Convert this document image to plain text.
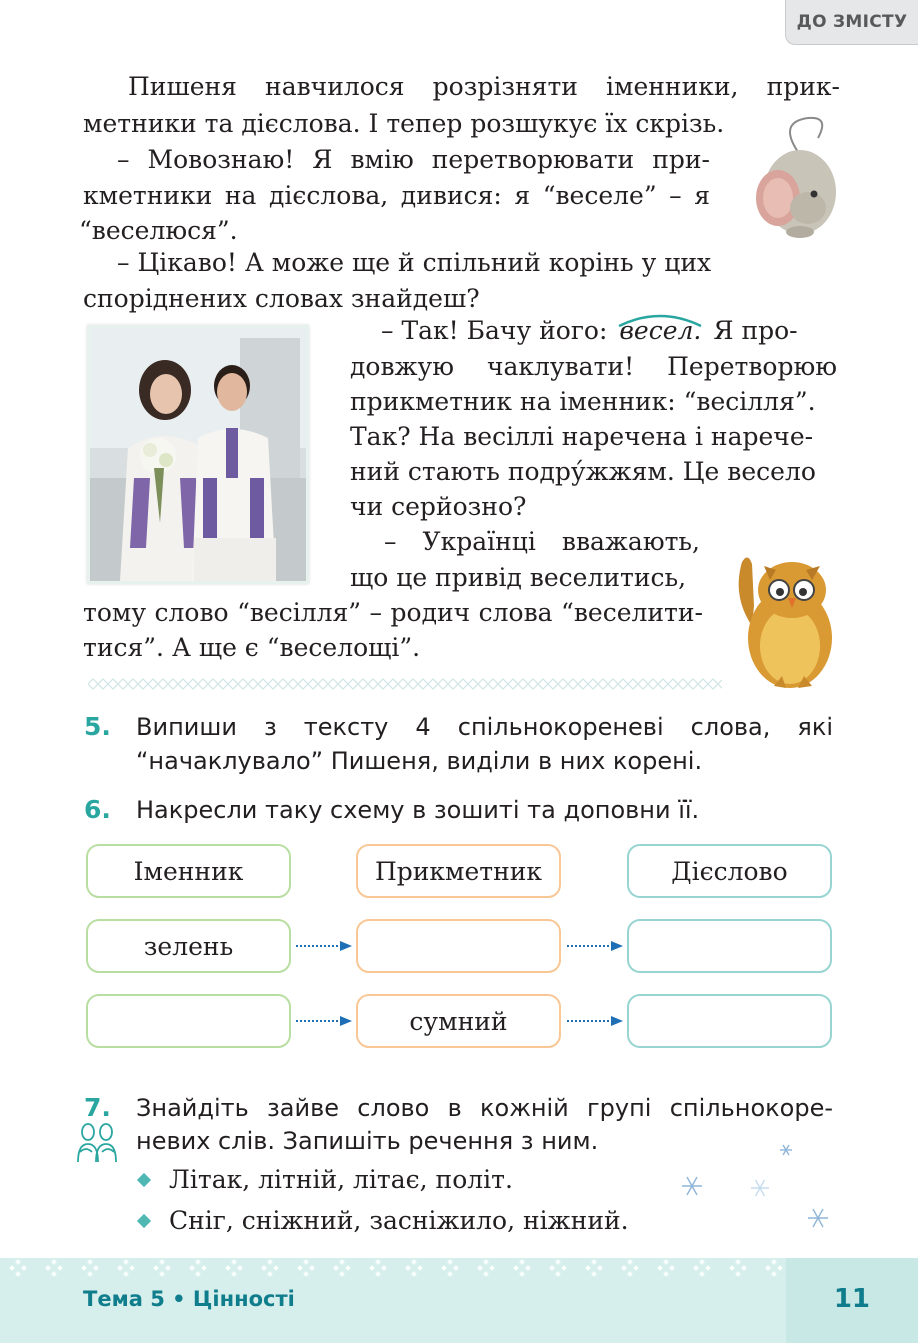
ДО ЗМІСТУ
Пишеня навчилося розрізняти іменники, прик-
метники та дієслова. І тепер розшукує їх скрізь.
– Мовознаю! Я вмію перетворювати при-
кметники на дієслова, дивися: я “веселе” – я
“веселюся”.
– Цікаво! А може ще й спільний корінь у цих
споріднених словах знайдеш?
– Так! Бачу його: весел. Я про-
довжую чаклувати! Перетворюю
прикметник на іменник: “весілля”.
Так? На весіллі наречена і нарече-
ний стають подру́жжям. Це весело
чи серйозно?
– Українці вважають,
що це привід веселитись,
тому слово “весілля” – родич слова “веселити-
тися”. А ще є “веселощі”.
5. Випиши з тексту 4 спільнокореневі слова, які
“начаклувало” Пишеня, виділи в них корені.
6. Накресли таку схему в зошиті та доповни її.
Іменник	Прикметник	Дієслово
зелень
сумний
7. Знайдіть зайве слово в кожній групі спільнокоре-
невих слів. Запишіть речення з ним.
Літак, літній, літає, політ.
Сніг, сніжний, засніжило, ніжний.
Тема 5 • Цінності	11
